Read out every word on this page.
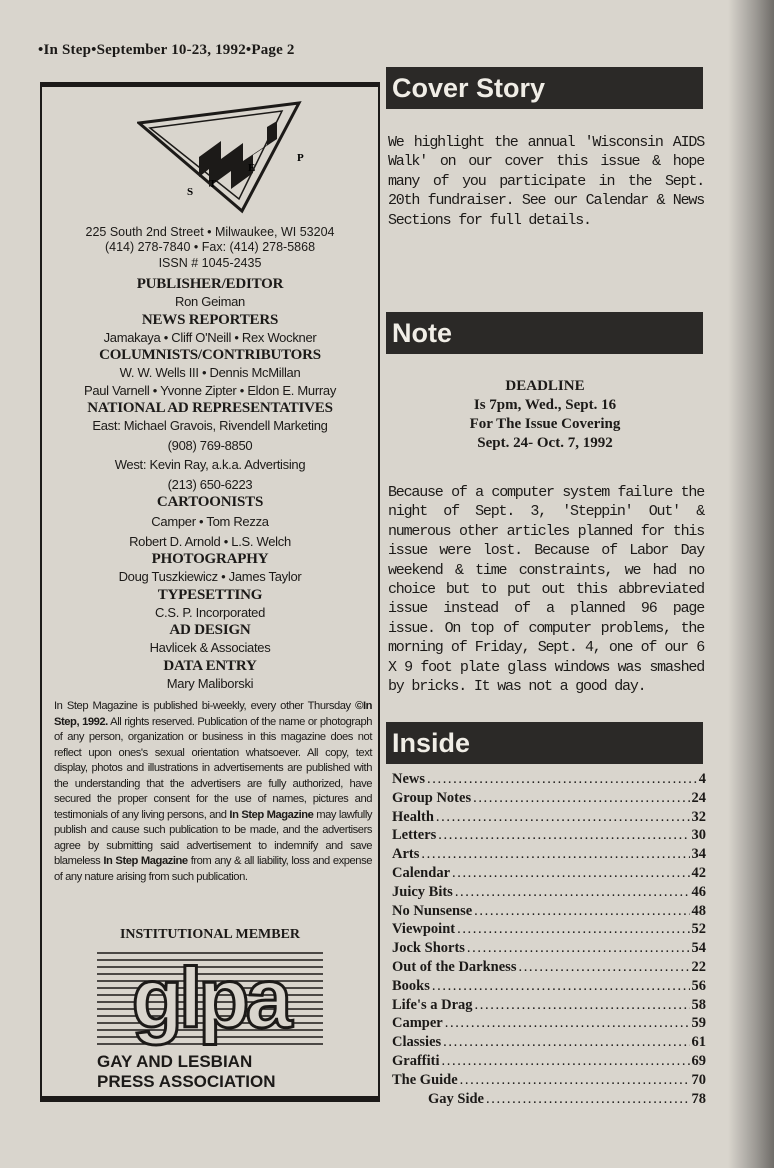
•In Step•September 10-23, 1992•Page 2
S
T
E
P
225 South 2nd Street • Milwaukee, WI 53204
(414) 278-7840 • Fax: (414) 278-5868
ISSN # 1045-2435
PUBLISHER/EDITOR
Ron Geiman
NEWS REPORTERS
Jamakaya • Cliff O'Neill • Rex Wockner
COLUMNISTS/CONTRIBUTORS
W. W. Wells III • Dennis McMillan
Paul Varnell • Yvonne Zipter • Eldon E. Murray
NATIONAL AD REPRESENTATIVES
East: Michael Gravois, Rivendell Marketing
(908) 769-8850
West: Kevin Ray, a.k.a. Advertising
(213) 650-6223
CARTOONISTS
Camper • Tom Rezza
Robert D. Arnold • L.S. Welch
PHOTOGRAPHY
Doug Tuszkiewicz • James Taylor
TYPESETTING
C.S. P. Incorporated
AD DESIGN
Havlicek & Associates
DATA ENTRY
Mary Maliborski
In Step Magazine is published bi-weekly, every other Thursday ©In Step, 1992. All rights reserved. Publication of the name or photograph of any person, organization or business in this magazine does not reflect upon ones's sexual orientation whatsoever. All copy, text display, photos and illustrations in advertisements are published with the understanding that the advertisers are fully authorized, have secured the proper consent for the use of names, pictures and testimonials of any living persons, and In Step Magazine may lawfully publish and cause such publication to be made, and the advertisers agree by submitting said advertisement to indemnify and save blameless In Step Magazine from any & all liability, loss and expense of any nature arising from such publication.
INSTITUTIONAL MEMBER
glpa
GAY AND LESBIAN
PRESS ASSOCIATION
Cover Story
We highlight the annual 'Wisconsin AIDS Walk' on our cover this issue & hope many of you participate in the Sept. 20th fundraiser. See our Calendar & News Sections for full details.
Note
DEADLINE
Is 7pm, Wed., Sept. 16
For The Issue Covering
Sept. 24- Oct. 7, 1992
Because of a computer system failure the night of Sept. 3, 'Steppin' Out' & numerous other articles planned for this issue were lost. Because of Labor Day weekend & time constraints, we had no choice but to put out this abbreviated issue instead of a planned 96 page issue. On top of computer problems, the morning of Friday, Sept. 4, one of our 6 X 9 foot plate glass windows was smashed by bricks. It was not a good day.
Inside
News .....	4
Group Notes .....	24
Health .....	32
Letters .....	30
Arts .....	34
Calendar .....	42
Juicy Bits .....	46
No Nunsense .....	48
Viewpoint .....	52
Jock Shorts .....	54
Out of the Darkness .....	22
Books .....	56
Life's a Drag .....	58
Camper .....	59
Classies .....	61
Graffiti .....	69
The Guide .....	70
Gay Side .....	78
